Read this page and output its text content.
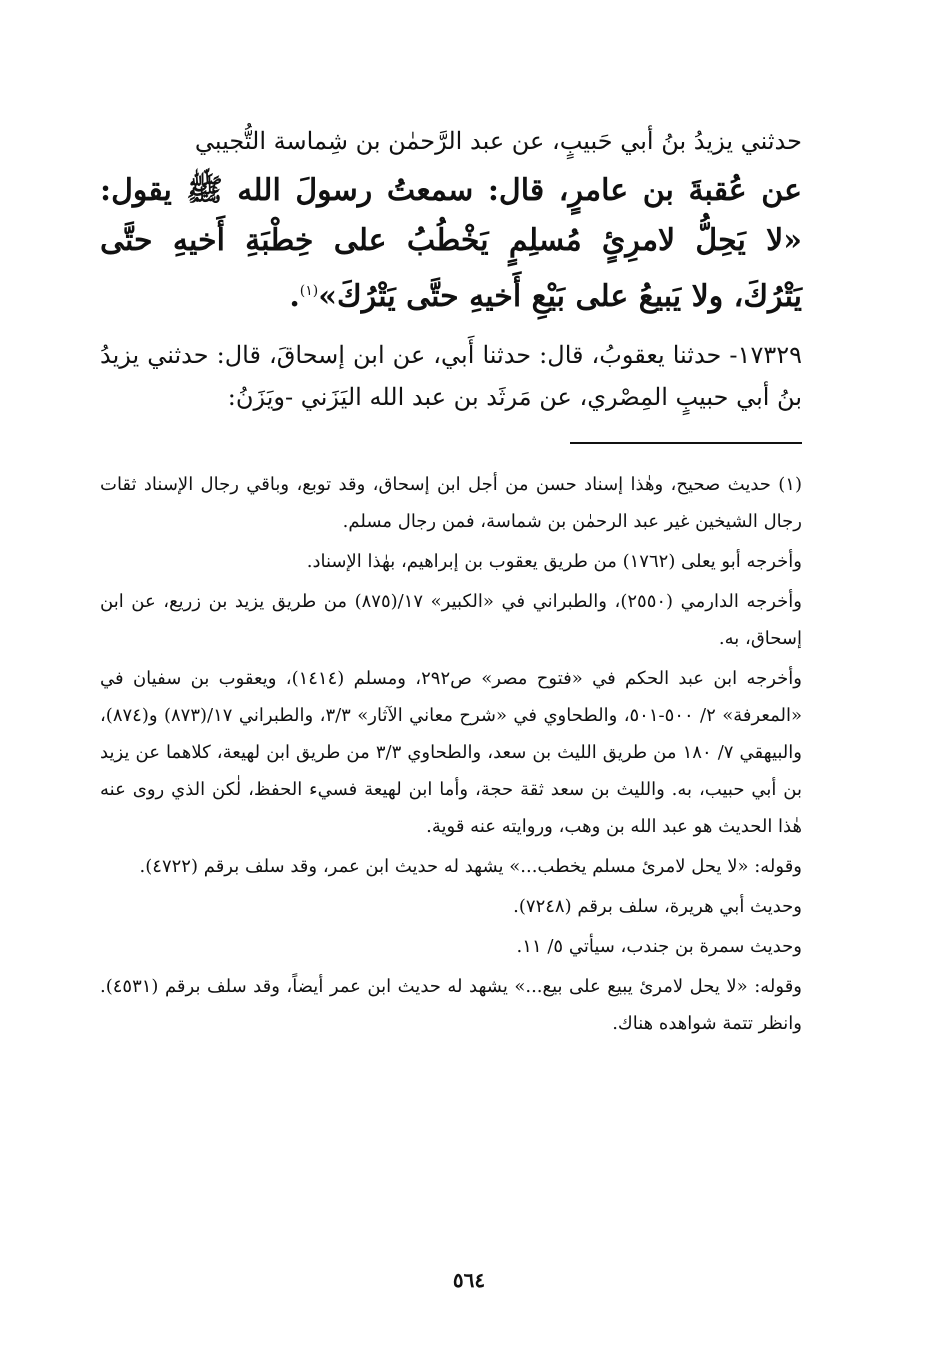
حدثني يزيدُ بنُ أبي حَبيبٍ، عن عبد الرَّحمٰن بن شِماسة التُّجيبي

عن عُقبةَ بن عامرٍ، قال: سمعتُ رسولَ الله ﷺ يقول: «لا يَحِلُّ لامرِئٍ مُسلِمٍ يَخْطُبُ على خِطْبَةِ أَخيهِ حتَّى يَتْرُكَ، ولا يَبيعُ على بَيْعِ أَخيهِ حتَّى يَتْرُكَ»$^{(١)}$.

١٧٣٢٩- حدثنا يعقوبُ، قال: حدثنا أَبي، عن ابن إسحاقَ، قال: حدثني يزيدُ بنُ أبي حبيبٍ المِصْري، عن مَرثَد بن عبد الله اليَزَني -ويَزَنُ:

(١) حديث صحيح، وهٰذا إسناد حسن من أجل ابن إسحاق، وقد توبع، وباقي رجال الإسناد ثقات رجال الشيخين غير عبد الرحمٰن بن شماسة، فمن رجال مسلم.

وأخرجه أبو يعلى (١٧٦٢) من طريق يعقوب بن إبراهيم، بهٰذا الإسناد.

وأخرجه الدارمي (٢٥٥٠)، والطبراني في «الكبير» ١٧/(٨٧٥) من طريق يزيد بن زريع، عن ابن إسحاق، به.

وأخرجه ابن عبد الحكم في «فتوح مصر» ص٢٩٢، ومسلم (١٤١٤)، ويعقوب بن سفيان في «المعرفة» ٢/ ٥٠٠-٥٠١، والطحاوي في «شرح معاني الآثار» ٣/٣، والطبراني ١٧/(٨٧٣) و(٨٧٤)، والبيهقي ٧/ ١٨٠ من طريق الليث بن سعد، والطحاوي ٣/٣ من طريق ابن لهيعة، كلاهما عن يزيد بن أبي حبيب، به. والليث بن سعد ثقة حجة، وأما ابن لهيعة فسيء الحفظ، لٰكن الذي روى عنه هٰذا الحديث هو عبد الله بن وهب، وروايته عنه قوية.

وقوله: «لا يحل لامرئ مسلم يخطب...» يشهد له حديث ابن عمر، وقد سلف برقم (٤٧٢٢).

وحديث أبي هريرة، سلف برقم (٧٢٤٨).

وحديث سمرة بن جندب، سيأتي ٥/ ١١.

وقوله: «لا يحل لامرئ يبيع على بيع...» يشهد له حديث ابن عمر أيضاً، وقد سلف برقم (٤٥٣١). وانظر تتمة شواهده هناك.

٥٦٤
